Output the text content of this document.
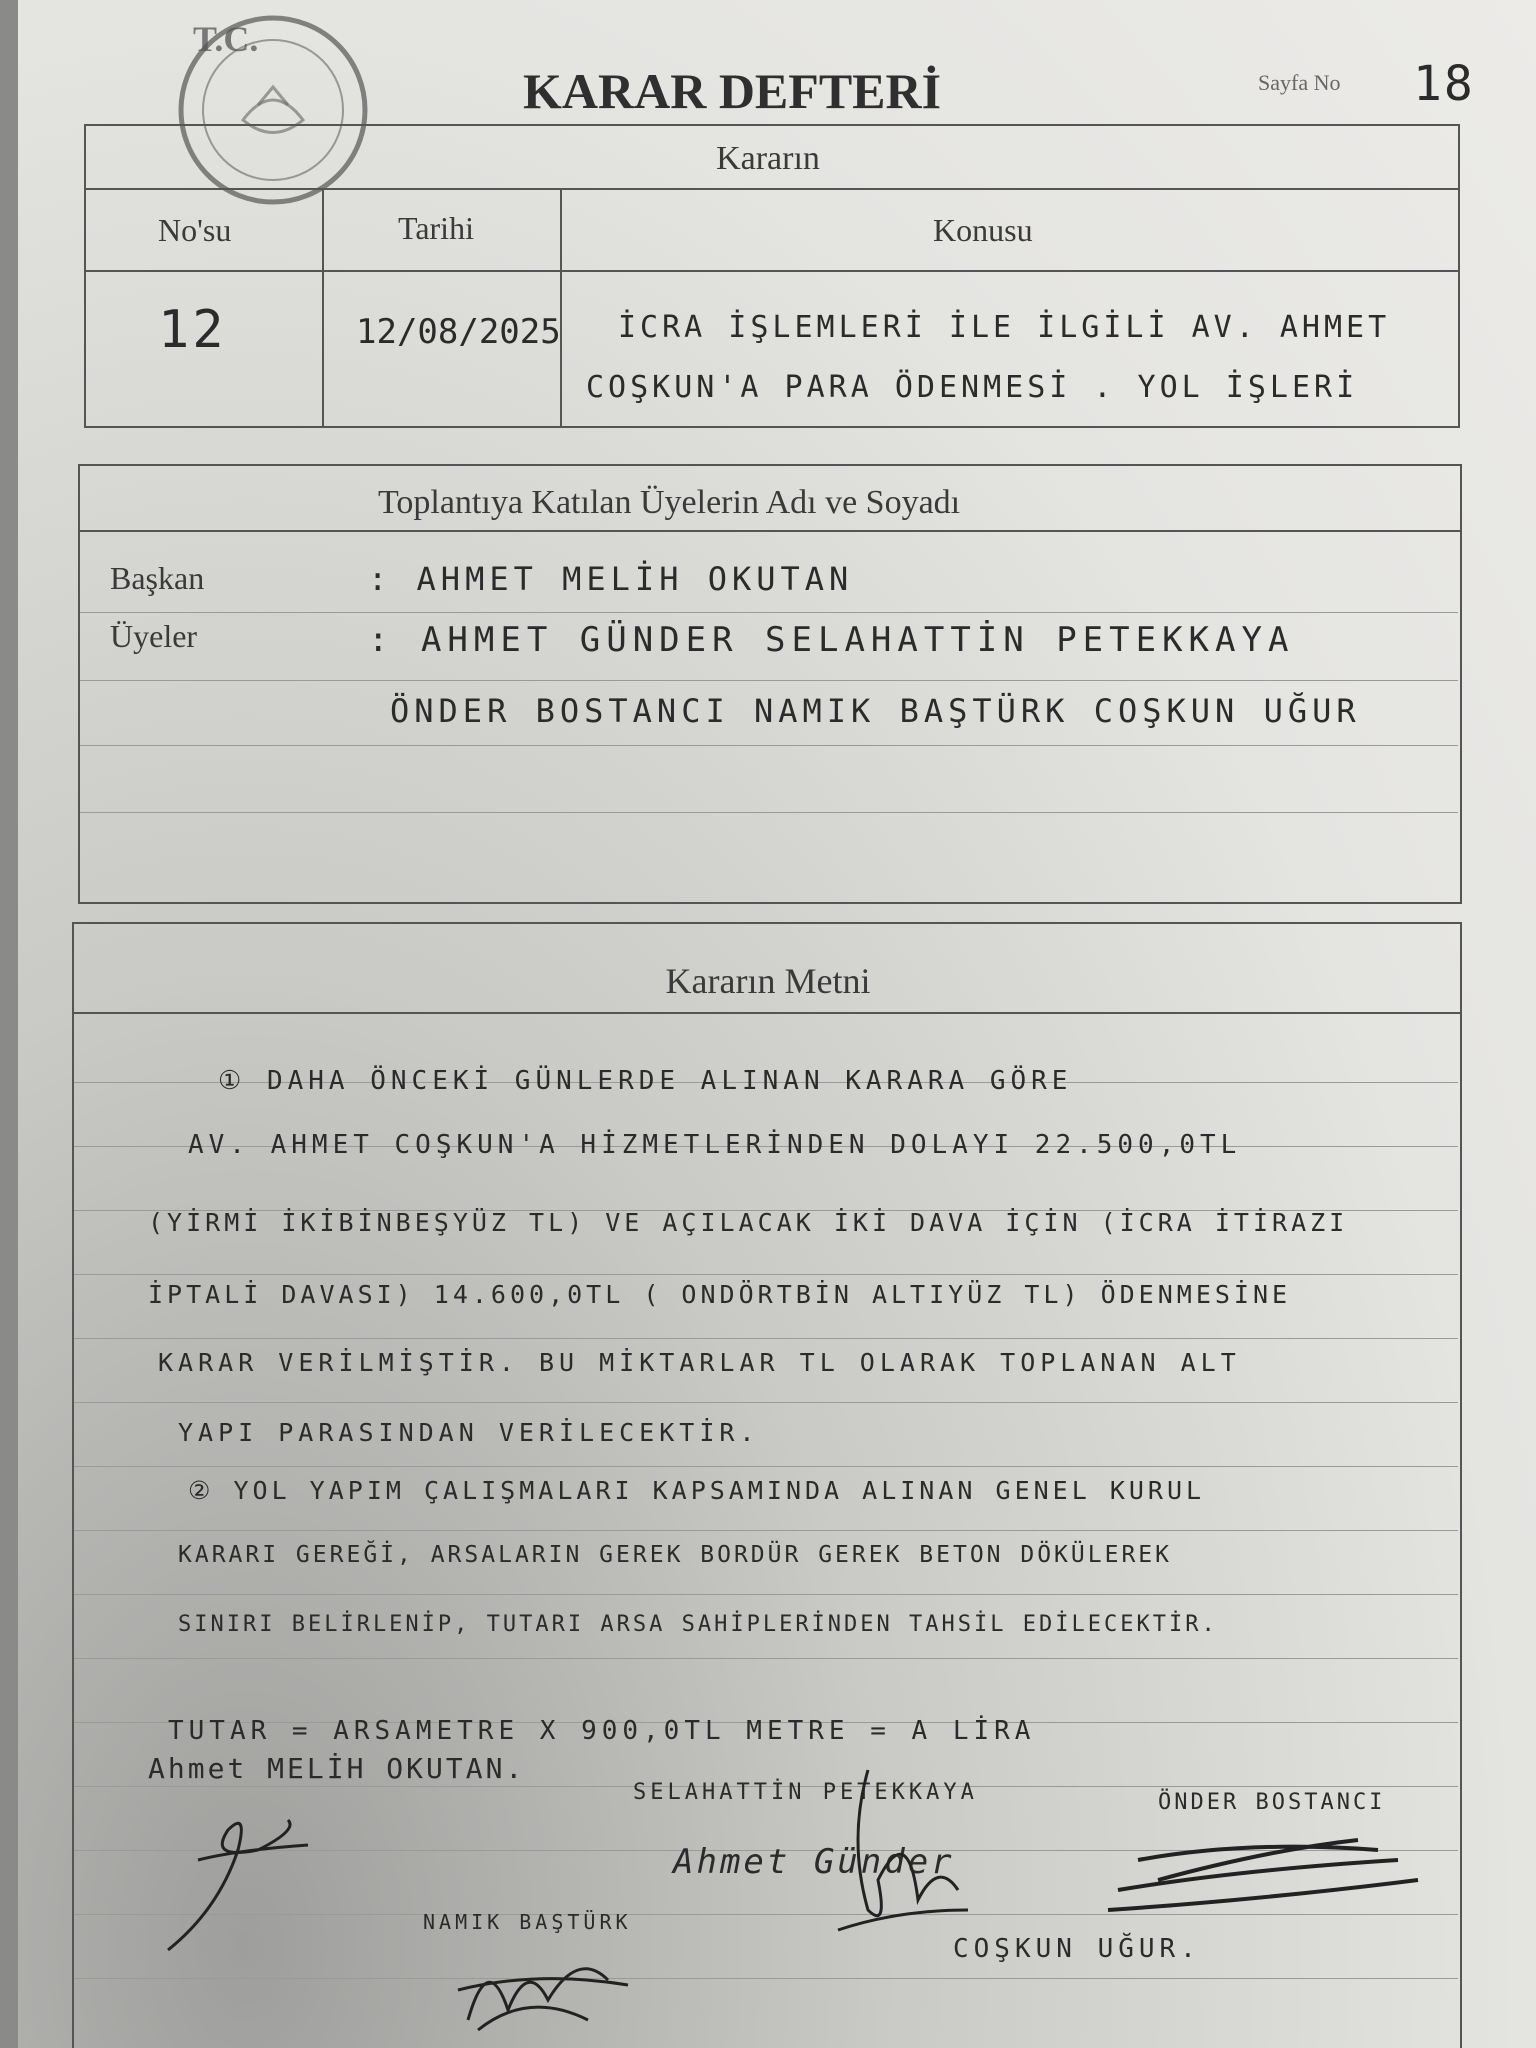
T.C.
KARAR DEFTERİ	Sayfa No 18
Kararın
No'su	Tarihi	Konusu
12	12/08/2025 İCRA İŞLEMLERİ İLE İLGİLİ AV. AHMET
COŞKUN'A PARA ÖDENMESİ . YOL İŞLERİ
Toplantıya Katılan Üyelerin Adı ve Soyadı
Başkan	: AHMET MELİH OKUTAN
Üyeler	: AHMET GÜNDER SELAHATTİN PETEKKAYA
ÖNDER BOSTANCI NAMIK BAŞTÜRK COŞKUN UĞUR
Kararın Metni
① DAHA ÖNCEKİ GÜNLERDE ALINAN KARARA GÖRE
AV. AHMET COŞKUN'A HİZMETLERİNDEN DOLAYI 22.500,0TL
(YİRMİ İKİBİNBEŞYÜZ TL) VE AÇILACAK İKİ DAVA İÇİN (İCRA İTİRAZI
İPTALİ DAVASI) 14.600,0TL ( ONDÖRTBİN ALTIYÜZ TL) ÖDENMESİNE
KARAR VERİLMİŞTİR. BU MİKTARLAR TL OLARAK TOPLANAN ALT
YAPI PARASINDAN VERİLECEKTİR.
② YOL YAPIM ÇALIŞMALARI KAPSAMINDA ALINAN GENEL KURUL
KARARI GEREĞİ, ARSALARIN GEREK BORDÜR GEREK BETON DÖKÜLEREK
SINIRI BELİRLENİP, TUTARI ARSA SAHİPLERİNDEN TAHSİL EDİLECEKTİR.
TUTAR = ARSAMETRE X 900,0TL METRE = A LİRA
Ahmet MELİH OKUTAN.
SELAHATTİN PETEKKAYA	ÖNDER BOSTANCI
Ahmet Günder
NAMIK BAŞTÜRK
COŞKUN UĞUR.
